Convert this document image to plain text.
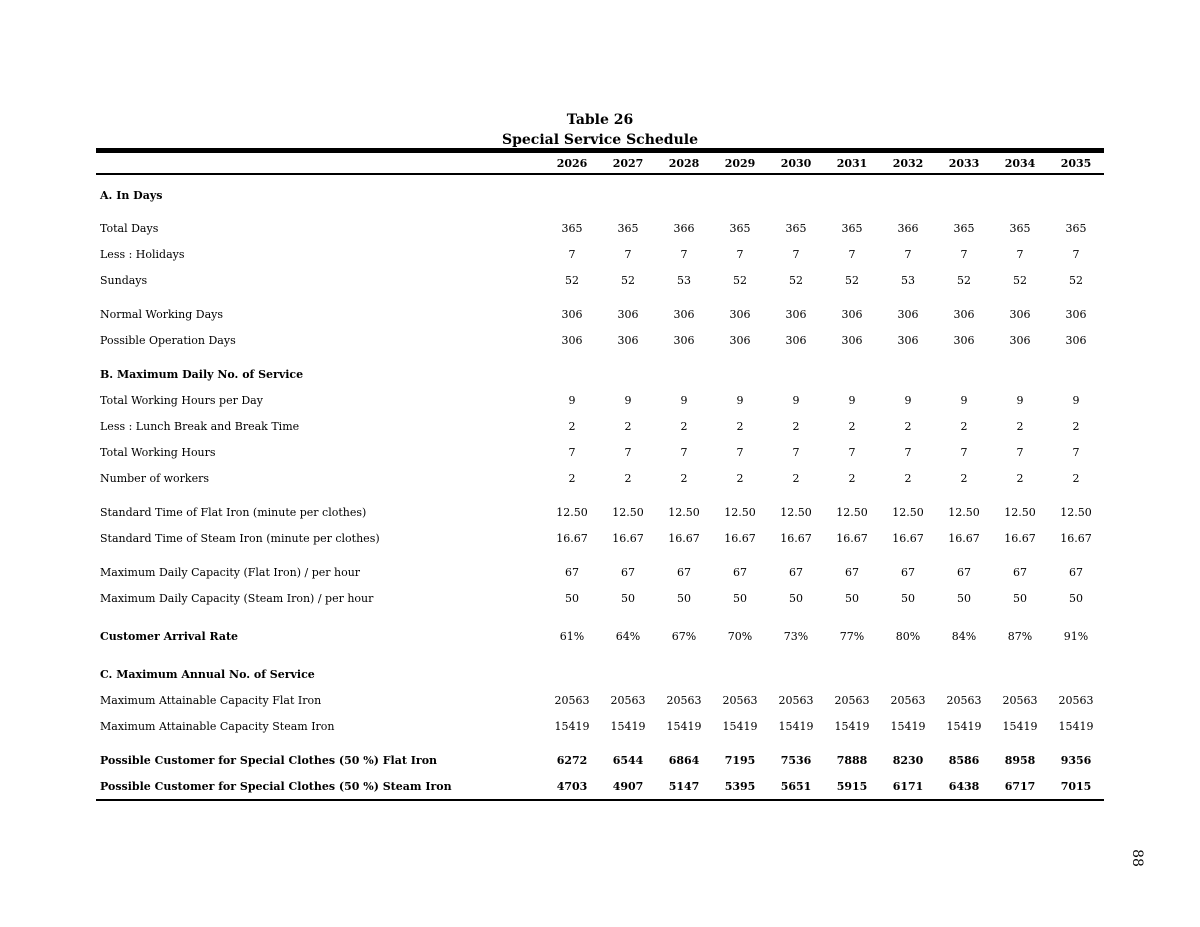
Table 26
Special Service Schedule
	2026	2027	2028	2029	2030	2031	2032	2033	2034	2035
A. In Days										
Total Days	365	365	366	365	365	365	366	365	365	365
Less : Holidays	7	7	7	7	7	7	7	7	7	7
Sundays	52	52	53	52	52	52	53	52	52	52

Normal Working Days	306	306	306	306	306	306	306	306	306	306
Possible Operation Days	306	306	306	306	306	306	306	306	306	306

B. Maximum Daily No. of Service										
Total Working Hours per Day	9	9	9	9	9	9	9	9	9	9
Less : Lunch Break and Break Time	2	2	2	2	2	2	2	2	2	2
Total Working Hours	7	7	7	7	7	7	7	7	7	7
Number of workers	2	2	2	2	2	2	2	2	2	2

Standard Time of Flat Iron (minute per clothes)	12.50	12.50	12.50	12.50	12.50	12.50	12.50	12.50	12.50	12.50
Standard Time of Steam Iron (minute per clothes)	16.67	16.67	16.67	16.67	16.67	16.67	16.67	16.67	16.67	16.67

Maximum Daily Capacity (Flat Iron) / per hour	67	67	67	67	67	67	67	67	67	67
Maximum Daily Capacity (Steam Iron) / per hour	50	50	50	50	50	50	50	50	50	50

Customer Arrival Rate	61%	64%	67%	70%	73%	77%	80%	84%	87%	91%

C. Maximum Annual No. of Service										
Maximum Attainable Capacity Flat Iron	20563	20563	20563	20563	20563	20563	20563	20563	20563	20563
Maximum Attainable Capacity Steam Iron	15419	15419	15419	15419	15419	15419	15419	15419	15419	15419

Possible Customer for Special Clothes (50 %) Flat Iron	6272	6544	6864	7195	7536	7888	8230	8586	8958	9356
Possible Customer for Special Clothes (50 %) Steam Iron	4703	4907	5147	5395	5651	5915	6171	6438	6717	7015
88
